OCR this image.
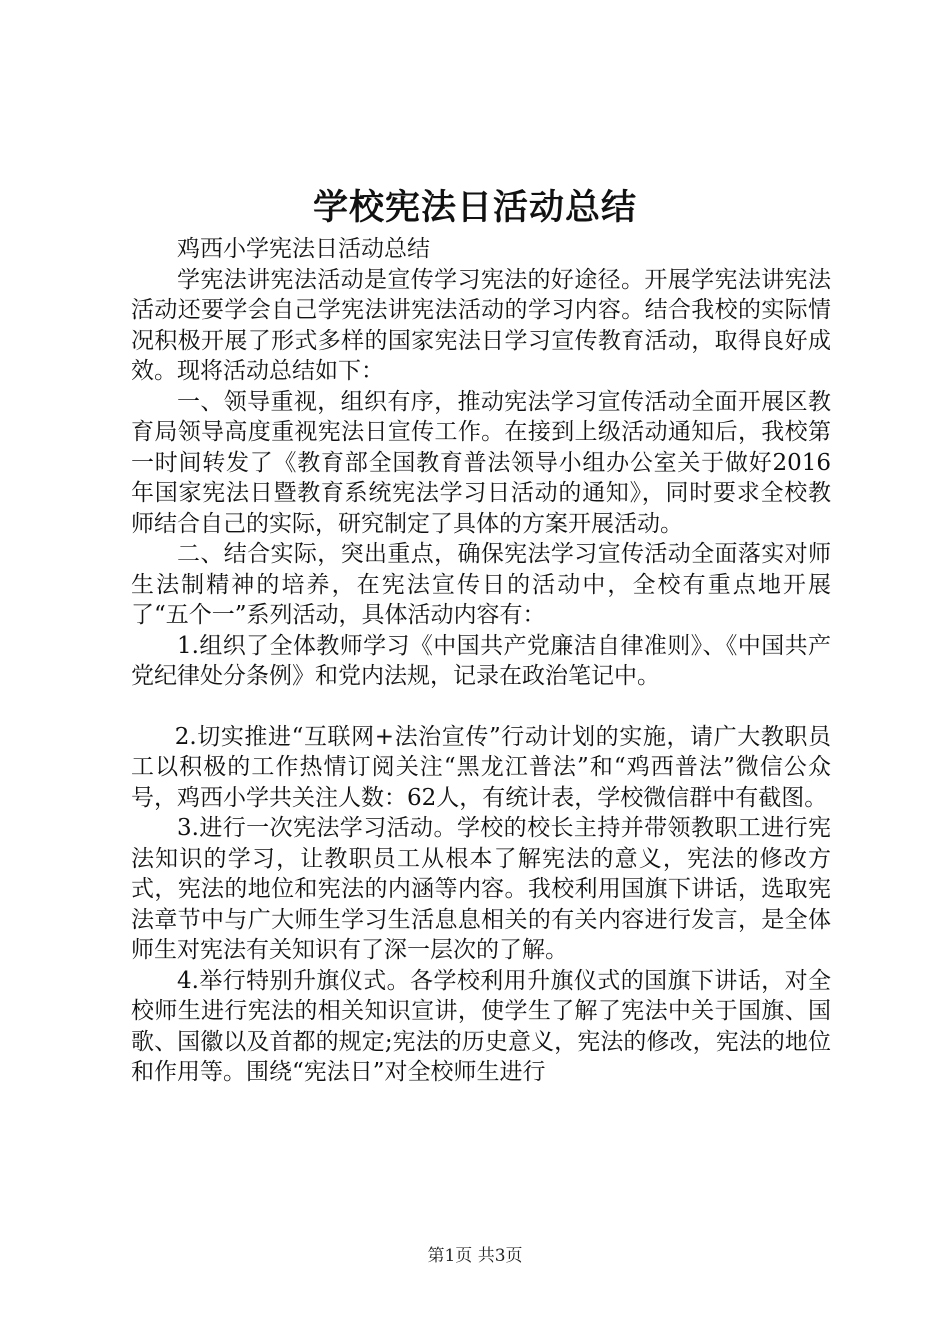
学校宪法日活动总结

鸡西小学宪法日活动总结

学宪法讲宪法活动是宣传学习宪法的好途径。开展学宪法讲宪法活动还要学会自己学宪法讲宪法活动的学习内容。结合我校的实际情况积极开展了形式多样的国家宪法日学习宣传教育活动，取得良好成效。现将活动总结如下：

一、领导重视，组织有序，推动宪法学习宣传活动全面开展区教育局领导高度重视宪法日宣传工作。在接到上级活动通知后，我校第一时间转发了《教育部全国教育普法领导小组办公室关于做好2016年国家宪法日暨教育系统宪法学习日活动的通知》，同时要求全校教师结合自己的实际，研究制定了具体的方案开展活动。

二、结合实际，突出重点，确保宪法学习宣传活动全面落实对师生法制精神的培养，在宪法宣传日的活动中，全校有重点地开展了“五个一”系列活动，具体活动内容有：

1.组织了全体教师学习《中国共产党廉洁自律准则》、《中国共产党纪律处分条例》和党内法规，记录在政治笔记中。

2.切实推进“互联网+法治宣传”行动计划的实施，请广大教职员工以积极的工作热情订阅关注“黑龙江普法”和“鸡西普法”微信公众号，鸡西小学共关注人数：62人，有统计表，学校微信群中有截图。

3.进行一次宪法学习活动。学校的校长主持并带领教职工进行宪法知识的学习，让教职员工从根本了解宪法的意义，宪法的修改方式，宪法的地位和宪法的内涵等内容。我校利用国旗下讲话，选取宪法章节中与广大师生学习生活息息相关的有关内容进行发言，是全体师生对宪法有关知识有了深一层次的了解。

4.举行特别升旗仪式。各学校利用升旗仪式的国旗下讲话，对全校师生进行宪法的相关知识宣讲，使学生了解了宪法中关于国旗、国歌、国徽以及首都的规定;宪法的历史意义，宪法的修改，宪法的地位和作用等。围绕“宪法日”对全校师生进行

第1页 共3页
